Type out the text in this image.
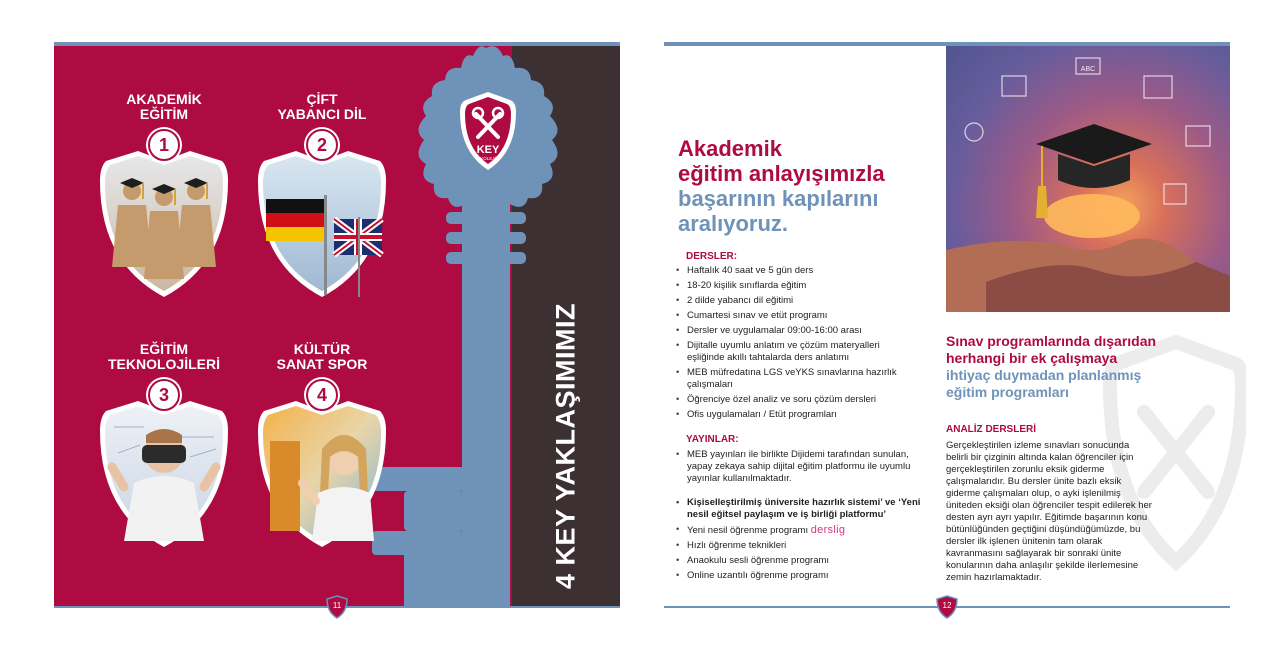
KEY
KOLEJİ
4 KEY YAKLAŞIMIMIZ
AKADEMİK
EĞİTİM
1
ÇİFT
YABANCI DİL
2
EĞİTİM
TEKNOLOJİLERİ
3
KÜLTÜR
SANAT SPOR
4
11
Akademik
eğitim anlayışımızla
başarının kapılarını
aralıyoruz.
DERSLER:
• Haftalık 40 saat ve 5 gün ders
• 18-20 kişilik sınıflarda eğitim
• 2 dilde yabancı dil eğitimi
• Cumartesi sınav ve etüt programı
• Dersler ve uygulamalar 09:00-16:00 arası
• Dijitalle uyumlu anlatım ve çözüm materyalleri eşliğinde akıllı tahtalarda ders anlatımı
• MEB müfredatına LGS veYKS sınavlarına hazırlık çalışmaları
• Öğrenciye özel analiz ve soru çözüm dersleri
• Ofis uygulamaları / Etüt programları
YAYINLAR:
• MEB yayınları ile birlikte Dijidemi tarafından sunulan, yapay zekaya sahip dijital eğitim platformu ile uyumlu yayınlar kullanılmaktadır.
• Kişiselleştirilmiş üniversite hazırlık sistemi’ ve ‘Yeni nesil eğitsel paylaşım ve iş birliği platformu’
• Yeni nesil öğrenme programı derslig
• Hızlı öğrenme teknikleri
• Anaokulu sesli öğrenme programı
• Online uzantılı öğrenme programı
ABC
Sınav programlarında dışarıdan
herhangi bir ek çalışmaya
ihtiyaç duymadan planlanmış
eğitim programları
ANALİZ DERSLERİ
Gerçekleştirilen izleme sınavları sonucunda belirli bir çizginin altında kalan öğrenciler için gerçekleştirilen zorunlu eksik giderme çalışmalarıdır. Bu dersler ünite bazlı eksik giderme çalışmaları olup, o ayki işlenilmiş üniteden eksiği olan öğrenciler tespit edilerek her desten ayrı ayrı yapılır. Eğitimde başarının konu bütünlüğünden geçtiğini düşündüğümüzde, bu dersler ilk işlenen ünitenin tam olarak kavranmasını sağlayarak bir sonraki ünite konularının daha anlaşılır şekilde ilerlemesine zemin hazırlamaktadır.
12
